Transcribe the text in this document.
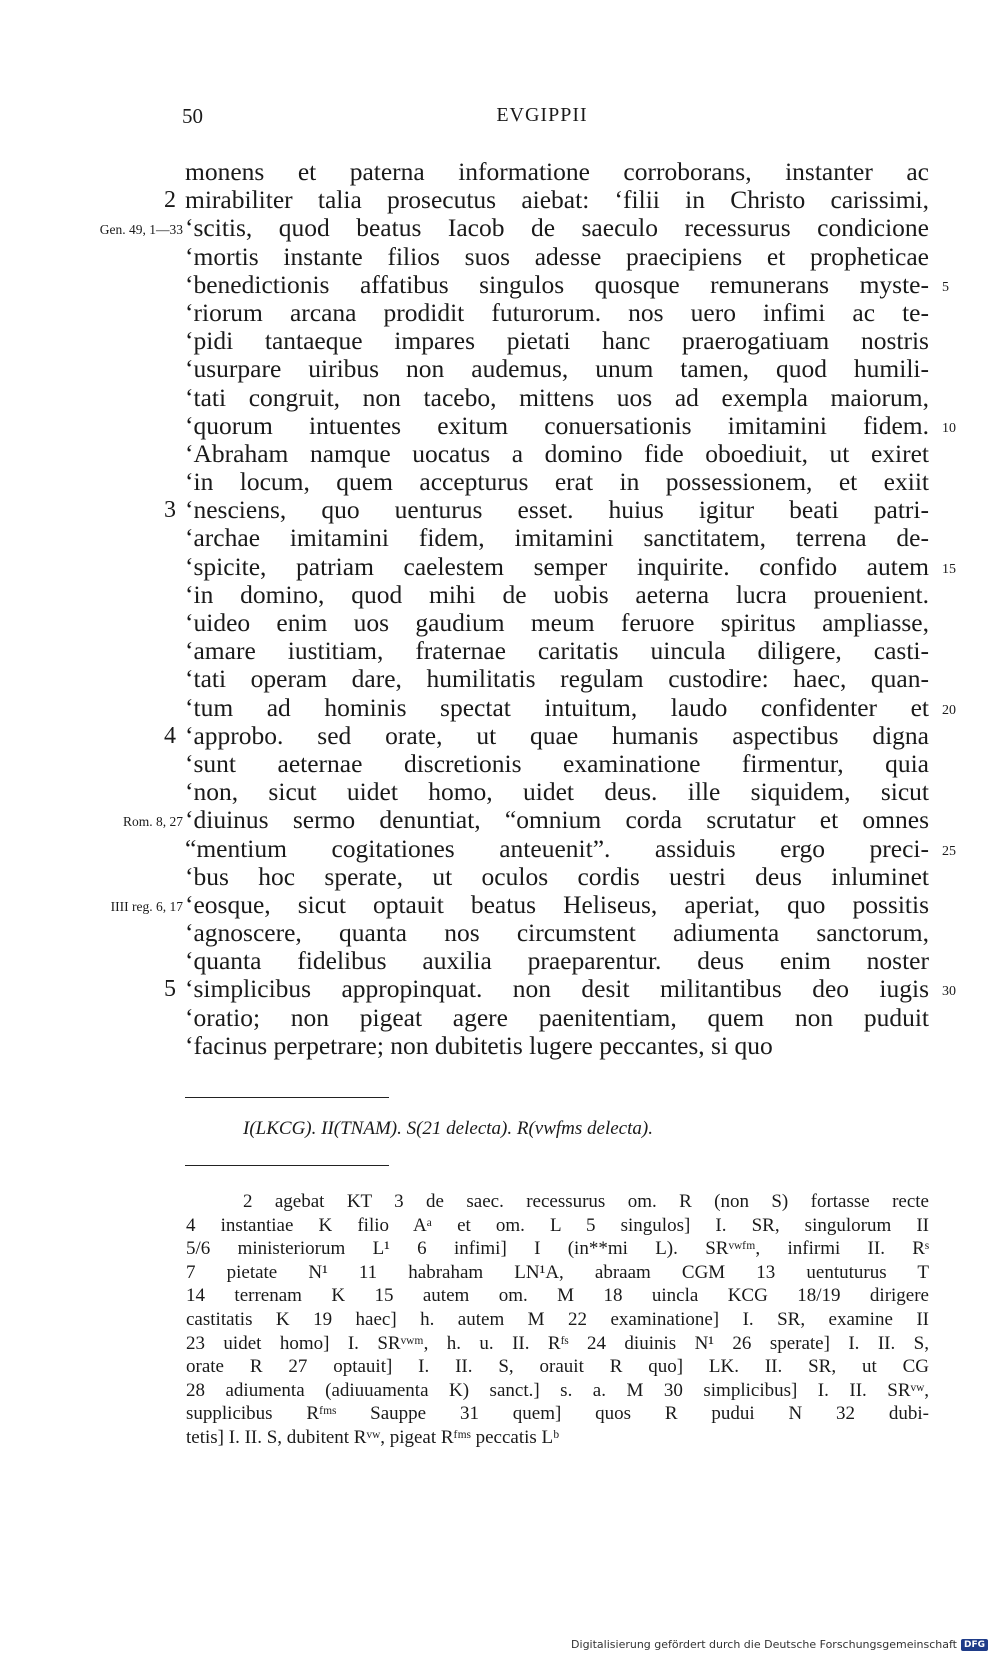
50	EVGIPPII
monens et paterna informatione corroborans, instanter ac
2 mirabiliter talia prosecutus aiebat: ‘filii in Christo carissimi,
Gen. 49, 1—33 ‘scitis, quod beatus Iacob de saeculo recessurus condicione
‘mortis instante filios suos adesse praecipiens et propheticae
‘benedictionis affatibus singulos quosque remunerans myste- 5
‘riorum arcana prodidit futurorum. nos uero infimi ac te-
‘pidi tantaeque impares pietati hanc praerogatiuam nostris
‘usurpare uiribus non audemus, unum tamen, quod humili-
‘tati congruit, non tacebo, mittens uos ad exempla maiorum,
‘quorum intuentes exitum conuersationis imitamini fidem. 10
‘Abraham namque uocatus a domino fide oboediuit, ut exiret
‘in locum, quem accepturus erat in possessionem, et exiit
3 ‘nesciens, quo uenturus esset. huius igitur beati patri-
‘archae imitamini fidem, imitamini sanctitatem, terrena de-
‘spicite, patriam caelestem semper inquirite. confido autem 15
‘in domino, quod mihi de uobis aeterna lucra prouenient.
‘uideo enim uos gaudium meum feruore spiritus ampliasse,
‘amare iustitiam, fraternae caritatis uincula diligere, casti-
‘tati operam dare, humilitatis regulam custodire: haec, quan-
‘tum ad hominis spectat intuitum, laudo confidenter et 20
4 ‘approbo. sed orate, ut quae humanis aspectibus digna
‘sunt aeternae discretionis examinatione firmentur, quia
‘non, sicut uidet homo, uidet deus. ille siquidem, sicut
Rom. 8, 27 ‘diuinus sermo denuntiat, “omnium corda scrutatur et omnes
“mentium cogitationes anteuenit”. assiduis ergo preci- 25
‘bus hoc sperate, ut oculos cordis uestri deus inluminet
IIII reg. 6, 17 ‘eosque, sicut optauit beatus Heliseus, aperiat, quo possitis
‘agnoscere, quanta nos circumstent adiumenta sanctorum,
‘quanta fidelibus auxilia praeparentur. deus enim noster
5 ‘simplicibus appropinquat. non desit militantibus deo iugis 30
‘oratio; non pigeat agere paenitentiam, quem non puduit
‘facinus perpetrare; non dubitetis lugere peccantes, si quo
I(LKCG). II(TNAM). S(21 delecta). R(vwfms delecta).
2 agebat KT 3 de saec. recessurus om. R (non S) fortasse recte
4 instantiae K filio Aᵃ et om. L 5 singulos] I. SR, singulorum II
5/6 ministeriorum L¹ 6 infimi] I (in**mi L). SRᵛʷᶠᵐ, infirmi II. Rˢ
7 pietate N¹ 11 habraham LN¹A, abraam CGM 13 uentuturus T
14 terrenam K 15 autem om. M 18 uincla KCG 18/19 dirigere
castitatis K 19 haec] h. autem M 22 examinatione] I. SR, examine II
23 uidet homo] I. SRᵛʷᵐ, h. u. II. Rᶠˢ 24 diuinis N¹ 26 sperate] I. II. S,
orate R 27 optauit] I. II. S, orauit R quo] LK. II. SR, ut CG
28 adiumenta (adiuuamenta K) sanct.] s. a. M 30 simplicibus] I. II. SRᵛʷ,
supplicibus Rᶠᵐˢ Sauppe 31 quem] quos R pudui N 32 dubi-
tetis] I. II. S, dubitent Rᵛʷ, pigeat Rᶠᵐˢ peccatis Lᵇ
Digitalisierung gefördert durch die Deutsche Forschungsgemeinschaft DFG
